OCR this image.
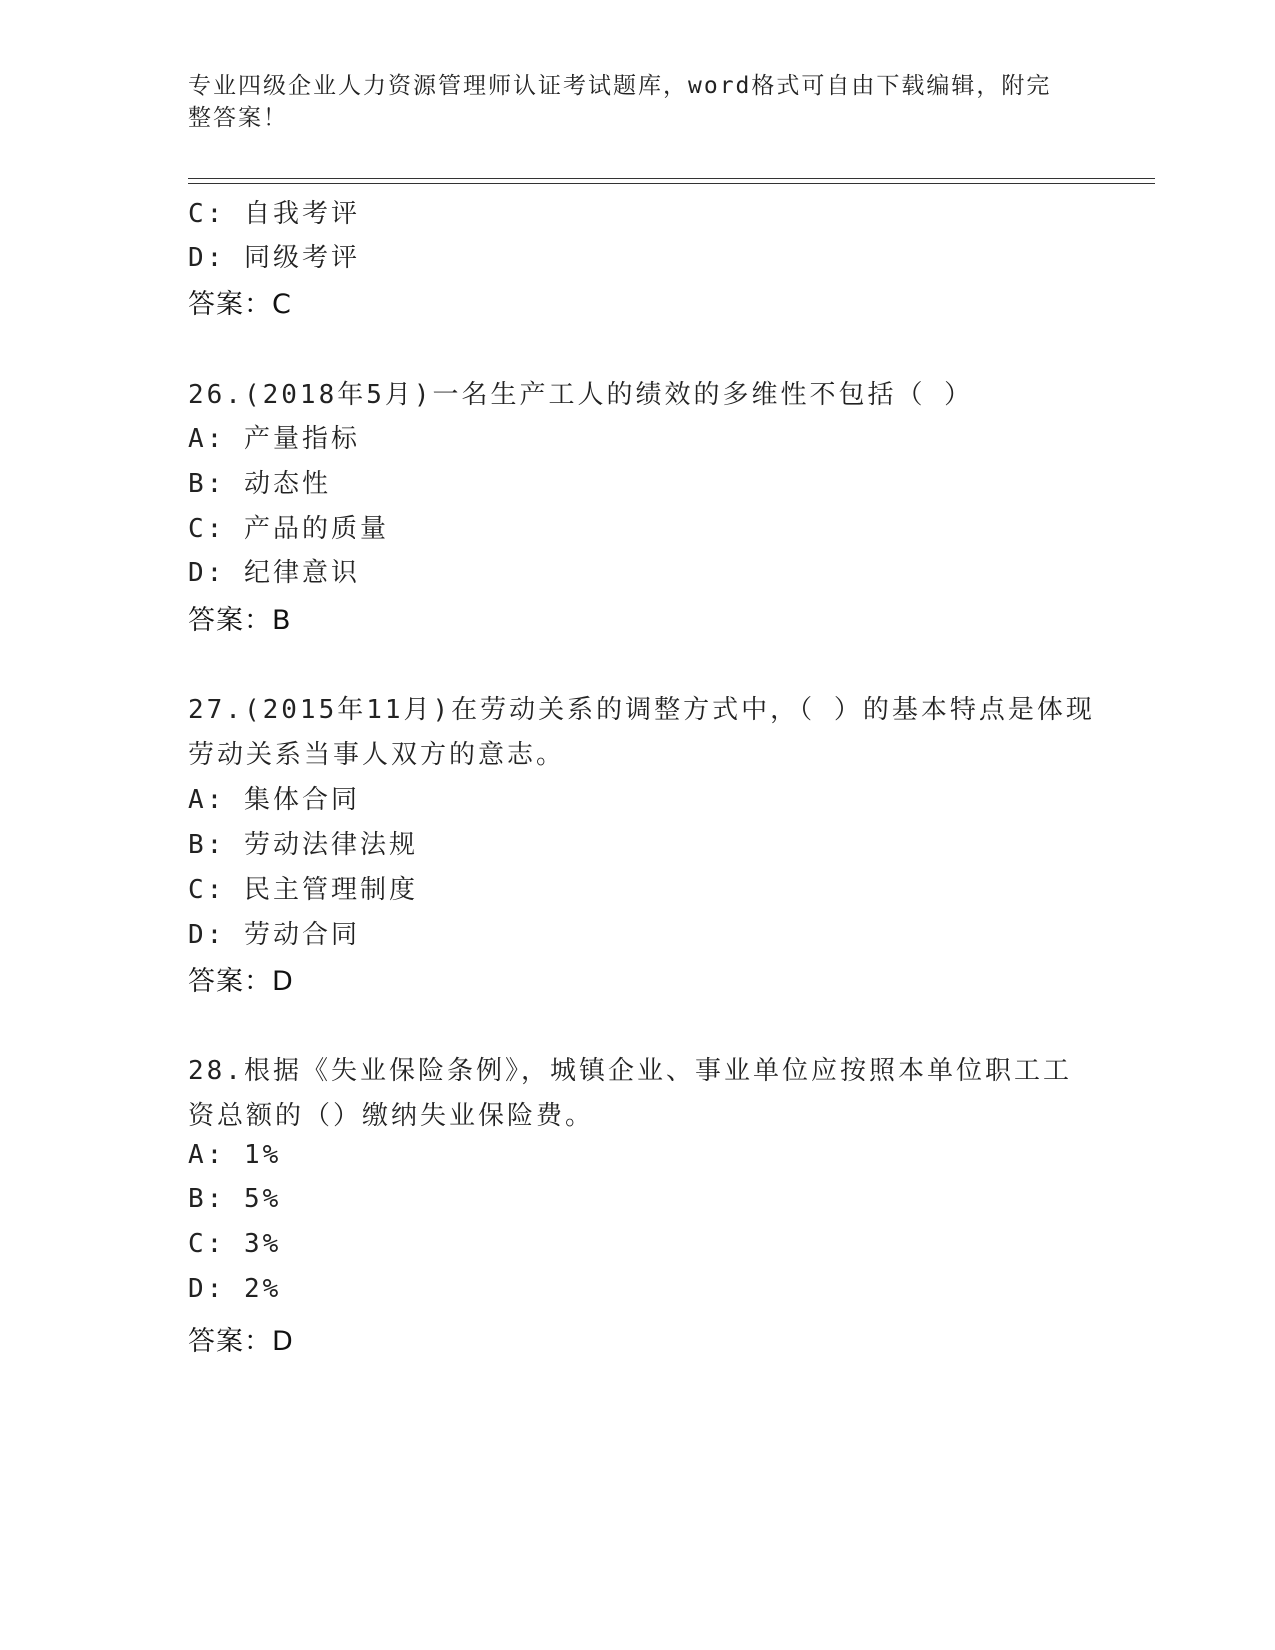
专业四级企业人力资源管理师认证考试题库，word格式可自由下载编辑，附完整答案！
C: 自我考评
D: 同级考评
答案：C
26.(2018年5月)一名生产工人的绩效的多维性不包括（ ）
A: 产量指标
B: 动态性
C: 产品的质量
D: 纪律意识
答案：B
27.(2015年11月)在劳动关系的调整方式中，（ ）的基本特点是体现
劳动关系当事人双方的意志。
A: 集体合同
B: 劳动法律法规
C: 民主管理制度
D: 劳动合同
答案：D
28.根据《失业保险条例》，城镇企业、事业单位应按照本单位职工工
资总额的（）缴纳失业保险费。
A: 1%
B: 5%
C: 3%
D: 2%
答案：D
